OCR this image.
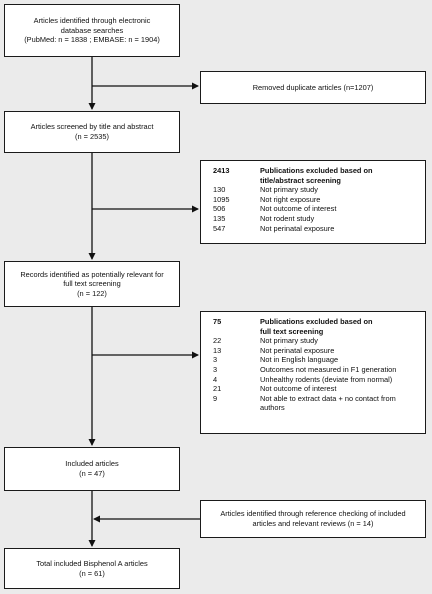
Articles identified through electronic
database searches
(PubMed: n = 1838 ; EMBASE: n = 1904)
Removed duplicate articles (n=1207)
Articles screened by title and abstract
(n = 2535)
2413	Publications excluded based on
title/abstract screening
130	Not primary study
1095	Not right exposure
506	Not outcome of interest
135	Not rodent study
547	Not perinatal exposure
Records identified as potentially relevant for
full text screening
(n = 122)
75	Publications excluded based on
full text screening
22	Not primary study
13	Not perinatal exposure
3	Not in English language
3	Outcomes not measured in F1 generation
4	Unhealthy rodents (deviate from normal)
21	Not outcome of interest
9	Not able to extract data + no contact from
authors
Included articles
(n = 47)
Articles identified through reference checking of included
articles and relevant reviews (n = 14)
Total included Bisphenol A articles
(n = 61)
